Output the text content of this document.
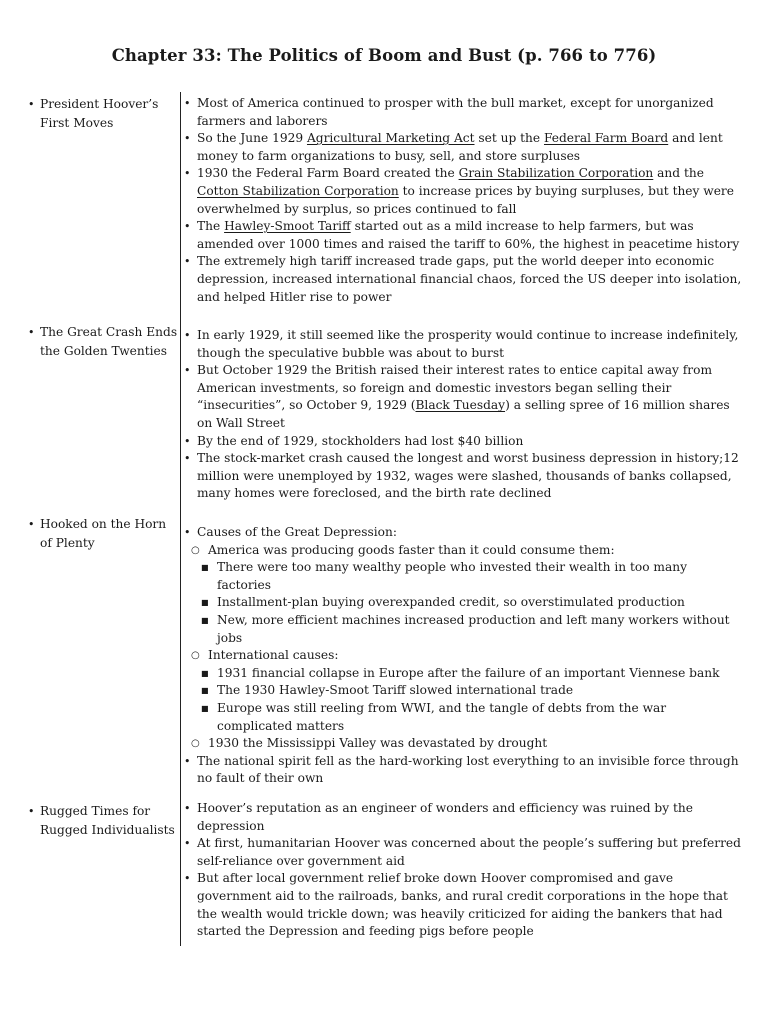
Chapter 33: The Politics of Boom and Bust (p. 766 to 776)
• President Hoover’s First Moves
• Most of America continued to prosper with the bull market, except for unorganized farmers and laborers
• So the June 1929 Agricultural Marketing Act set up the Federal Farm Board and lent money to farm organizations to busy, sell, and store surpluses
• 1930 the Federal Farm Board created the Grain Stabilization Corporation and the Cotton Stabilization Corporation to increase prices by buying surpluses, but they were overwhelmed by surplus, so prices continued to fall
• The Hawley-Smoot Tariff started out as a mild increase to help farmers, but was amended over 1000 times and raised the tariff to 60%, the highest in peacetime history
• The extremely high tariff increased trade gaps, put the world deeper into economic depression, increased international financial chaos, forced the US deeper into isolation, and helped Hitler rise to power
• The Great Crash Ends the Golden Twenties
• In early 1929, it still seemed like the prosperity would continue to increase indefinitely, though the speculative bubble was about to burst
• But October 1929 the British raised their interest rates to entice capital away from American investments, so foreign and domestic investors began selling their “insecurities”, so October 9, 1929 (Black Tuesday) a selling spree of 16 million shares on Wall Street
• By the end of 1929, stockholders had lost $40 billion
• The stock-market crash caused the longest and worst business depression in history;12 million were unemployed by 1932, wages were slashed, thousands of banks collapsed, many homes were foreclosed, and the birth rate declined
• Hooked on the Horn of Plenty
• Causes of the Great Depression:
○ America was producing goods faster than it could consume them:
■ There were too many wealthy people who invested their wealth in too many factories
■ Installment-plan buying overexpanded credit, so overstimulated production
■ New, more efficient machines increased production and left many workers without jobs
○ International causes:
■ 1931 financial collapse in Europe after the failure of an important Viennese bank
■ The 1930 Hawley-Smoot Tariff slowed international trade
■ Europe was still reeling from WWI, and the tangle of debts from the war complicated matters
○ 1930 the Mississippi Valley was devastated by drought
• The national spirit fell as the hard-working lost everything to an invisible force through no fault of their own
• Rugged Times for Rugged Individualists
• Hoover’s reputation as an engineer of wonders and efficiency was ruined by the depression
• At first, humanitarian Hoover was concerned about the people’s suffering but preferred self-reliance over government aid
• But after local government relief broke down Hoover compromised and gave government aid to the railroads, banks, and rural credit corporations in the hope that the wealth would trickle down; was heavily criticized for aiding the bankers that had started the Depression and feeding pigs before people
